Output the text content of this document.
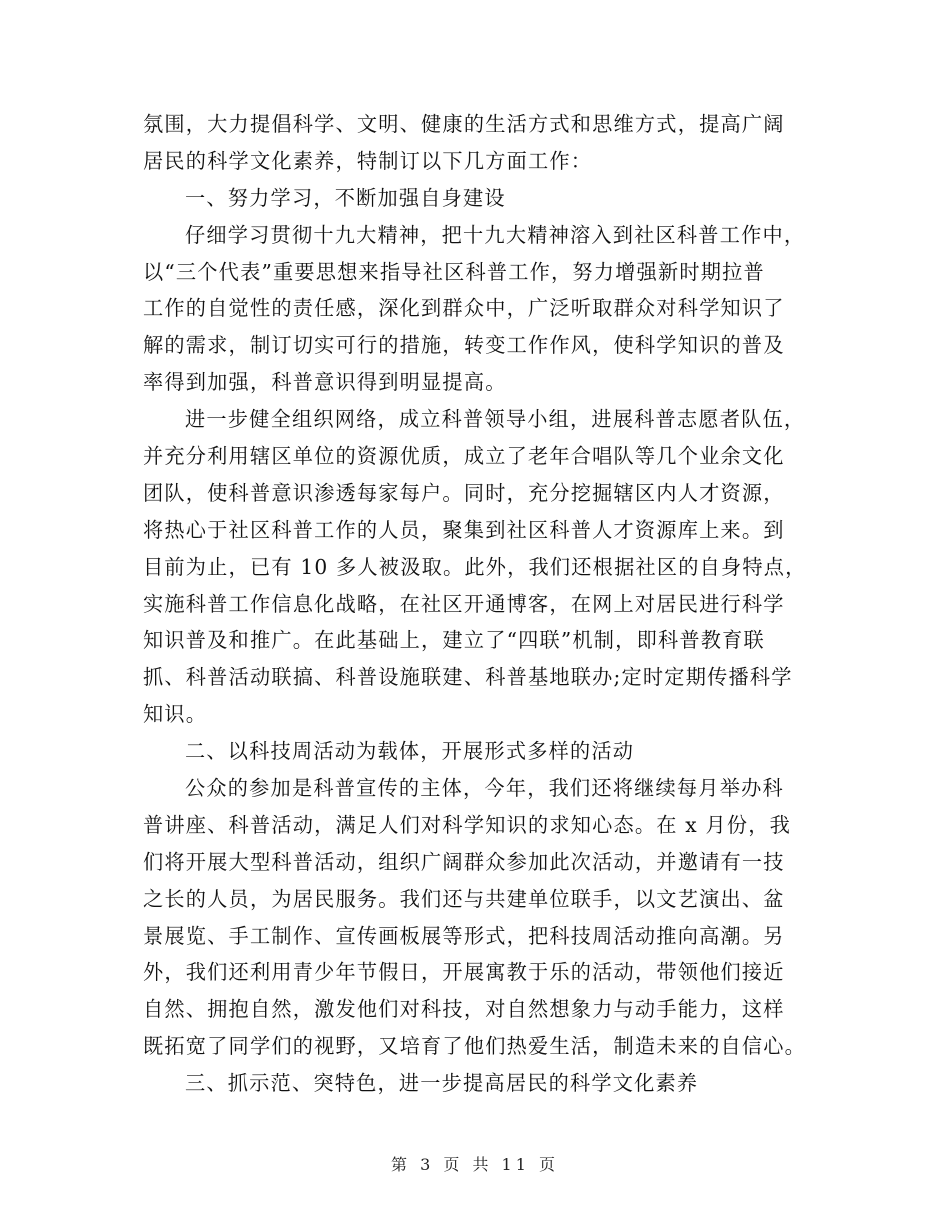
氛围，大力提倡科学、文明、健康的生活方式和思维方式，提高广阔
居民的科学文化素养，特制订以下几方面工作：
一、努力学习，不断加强自身建设
仔细学习贯彻十九大精神，把十九大精神溶入到社区科普工作中，
以“三个代表”重要思想来指导社区科普工作，努力增强新时期拉普
工作的自觉性的责任感，深化到群众中，广泛听取群众对科学知识了
解的需求，制订切实可行的措施，转变工作作风，使科学知识的普及
率得到加强，科普意识得到明显提高。
进一步健全组织网络，成立科普领导小组，进展科普志愿者队伍，
并充分利用辖区单位的资源优质，成立了老年合唱队等几个业余文化
团队，使科普意识渗透每家每户。同时，充分挖掘辖区内人才资源，
将热心于社区科普工作的人员，聚集到社区科普人才资源库上来。到
目前为止，已有 10 多人被汲取。此外，我们还根据社区的自身特点，
实施科普工作信息化战略，在社区开通博客，在网上对居民进行科学
知识普及和推广。在此基础上，建立了“四联”机制，即科普教育联
抓、科普活动联搞、科普设施联建、科普基地联办;定时定期传播科学
知识。
二、以科技周活动为载体，开展形式多样的活动
公众的参加是科普宣传的主体，今年，我们还将继续每月举办科
普讲座、科普活动，满足人们对科学知识的求知心态。在 x 月份，我
们将开展大型科普活动，组织广阔群众参加此次活动，并邀请有一技
之长的人员，为居民服务。我们还与共建单位联手，以文艺演出、盆
景展览、手工制作、宣传画板展等形式，把科技周活动推向高潮。另
外，我们还利用青少年节假日，开展寓教于乐的活动，带领他们接近
自然、拥抱自然，激发他们对科技，对自然想象力与动手能力，这样
既拓宽了同学们的视野，又培育了他们热爱生活，制造未来的自信心。
三、抓示范、突特色，进一步提高居民的科学文化素养
第 3 页 共 11 页
